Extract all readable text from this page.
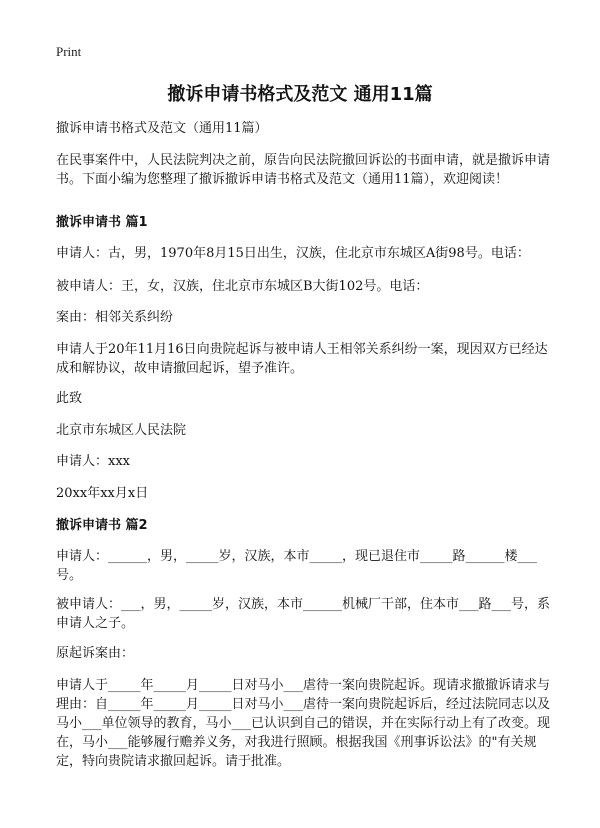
Print
撤诉申请书格式及范文 通用11篇

撤诉申请书格式及范文（通用11篇）

在民事案件中，人民法院判决之前，原告向民法院撤回诉讼的书面申请，就是撤诉申请书。下面小编为您整理了撤诉撤诉申请书格式及范文（通用11篇），欢迎阅读！

撤诉申请书 篇1

申请人：古，男，1970年8月15日出生，汉族，住北京市东城区A街98号。电话：

被申请人：王，女，汉族，住北京市东城区B大街102号。电话：

案由：相邻关系纠纷

申请人于20年11月16日向贵院起诉与被申请人王相邻关系纠纷一案，现因双方已经达成和解协议，故申请撤回起诉，望予准许。

此致

北京市东城区人民法院

申请人：xxx

20xx年xx月x日

撤诉申请书 篇2

申请人：______，男，_____岁，汉族，本市_____，现已退住市_____路______楼___号。

被申请人：___，男，_____岁，汉族，本市______机械厂干部，住本市___路___号，系申请人之子。

原起诉案由：

申请人于_____年_____月_____日对马小___虐待一案向贵院起诉。现请求撤撤诉请求与理由：自_____年_____月_____日对马小___虐待一案向贵院起诉后，经过法院同志以及马小___单位领导的教育，马小___已认识到自己的错误，并在实际行动上有了改变。现在，马小___能够履行赡养义务，对我进行照顾。根据我国《刑事诉讼法》的"有关规定，特向贵院请求撤回起诉。请于批准。
